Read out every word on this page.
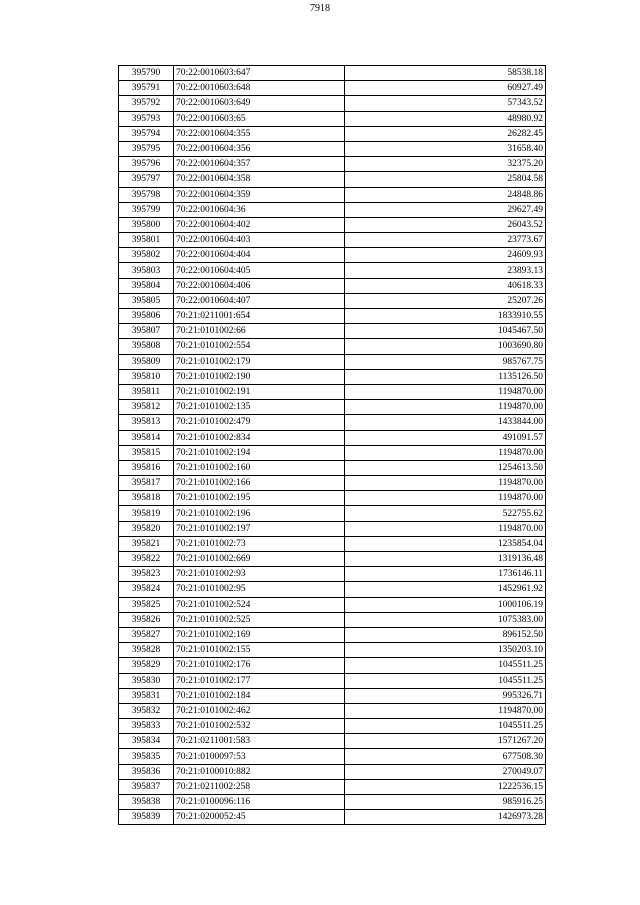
7918
395790	70:22:0010603:647	58538.18
395791	70:22:0010603:648	60927.49
395792	70:22:0010603:649	57343.52
395793	70:22:0010603:65	48980.92
395794	70:22:0010604:355	26282.45
395795	70:22:0010604:356	31658.40
395796	70:22:0010604:357	32375.20
395797	70:22:0010604:358	25804.58
395798	70:22:0010604:359	24848.86
395799	70:22:0010604:36	29627.49
395800	70:22:0010604:402	26043.52
395801	70:22:0010604:403	23773.67
395802	70:22:0010604:404	24609.93
395803	70:22:0010604:405	23893.13
395804	70:22:0010604:406	40618.33
395805	70:22:0010604:407	25207.26
395806	70:21:0211001:654	1833910.55
395807	70:21:0101002:66	1045467.50
395808	70:21:0101002:554	1003690.80
395809	70:21:0101002:179	985767.75
395810	70:21:0101002:190	1135126.50
395811	70:21:0101002:191	1194870.00
395812	70:21:0101002:135	1194870.00
395813	70:21:0101002:479	1433844.00
395814	70:21:0101002:834	491091.57
395815	70:21:0101002:194	1194870.00
395816	70:21:0101002:160	1254613.50
395817	70:21:0101002:166	1194870.00
395818	70:21:0101002:195	1194870.00
395819	70:21:0101002:196	522755.62
395820	70:21:0101002:197	1194870.00
395821	70:21:0101002:73	1235854.04
395822	70:21:0101002:669	1319136.48
395823	70:21:0101002:93	1736146.11
395824	70:21:0101002:95	1452961.92
395825	70:21:0101002:524	1000106.19
395826	70:21:0101002:525	1075383.00
395827	70:21:0101002:169	896152.50
395828	70:21:0101002:155	1350203.10
395829	70:21:0101002:176	1045511.25
395830	70:21:0101002:177	1045511.25
395831	70:21:0101002:184	995326.71
395832	70:21:0101002:462	1194870.00
395833	70:21:0101002:532	1045511.25
395834	70:21:0211001:583	1571267.20
395835	70:21:0100097:53	677508.30
395836	70:21:0100010:882	270049.07
395837	70:21:0211002:258	1222536.15
395838	70:21:0100096:116	985916.25
395839	70:21:0200052:45	1426973.28
